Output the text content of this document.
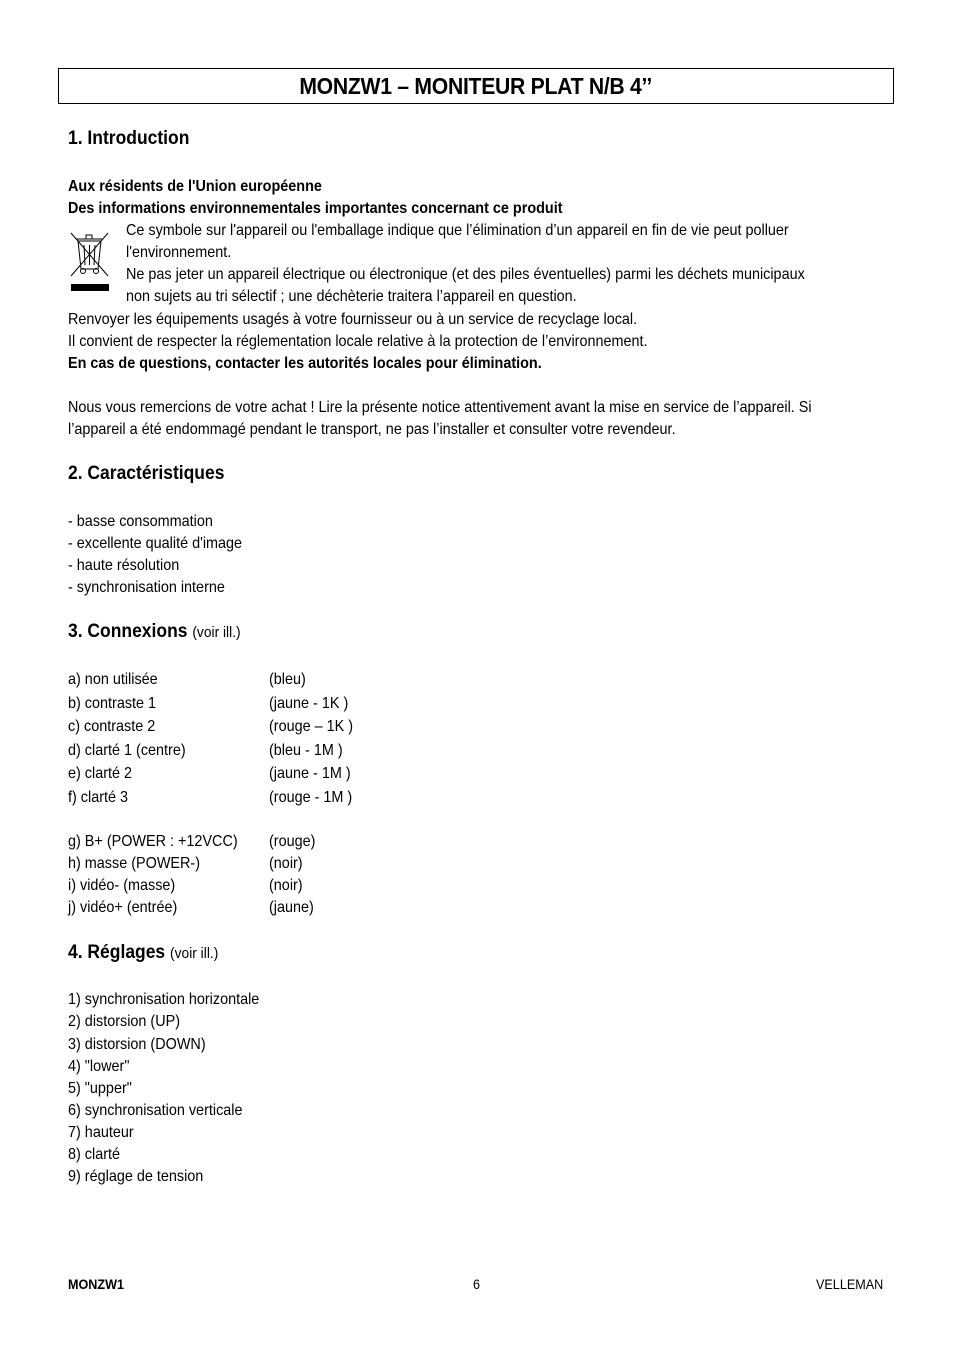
MONZW1 – MONITEUR PLAT N/B 4’’
1. Introduction
Aux résidents de l'Union européenne
Des informations environnementales importantes concernant ce produit
Ce symbole sur l'appareil ou l'emballage indique que l’élimination d’un appareil en fin de vie peut polluer
l'environnement.
Ne pas jeter un appareil électrique ou électronique (et des piles éventuelles) parmi les déchets municipaux
non sujets au tri sélectif ; une déchèterie traitera l’appareil en question.
Renvoyer les équipements usagés à votre fournisseur ou à un service de recyclage local.
Il convient de respecter la réglementation locale relative à la protection de l’environnement.
En cas de questions, contacter les autorités locales pour élimination.
Nous vous remercions de votre achat ! Lire la présente notice attentivement avant la mise en service de l’appareil. Si
l’appareil a été endommagé pendant le transport, ne pas l’installer et consulter votre revendeur.
2. Caractéristiques
- basse consommation
- excellente qualité d'image
- haute résolution
- synchronisation interne
3. Connexions (voir ill.)
a) non utilisée	(bleu)
b) contraste 1	(jaune - 1K )
c) contraste 2	(rouge – 1K )
d) clarté 1 (centre)	(bleu - 1M )
e) clarté 2	(jaune - 1M )
f) clarté 3	(rouge - 1M )
g) B+ (POWER : +12VCC) (rouge)
h) masse (POWER-)	(noir)
i) vidéo- (masse)	(noir)
j) vidéo+ (entrée)	(jaune)
4. Réglages (voir ill.)
1) synchronisation horizontale
2) distorsion (UP)
3) distorsion (DOWN)
4) "lower"
5) "upper"
6) synchronisation verticale
7) hauteur
8) clarté
9) réglage de tension
MONZW1	6	VELLEMAN
